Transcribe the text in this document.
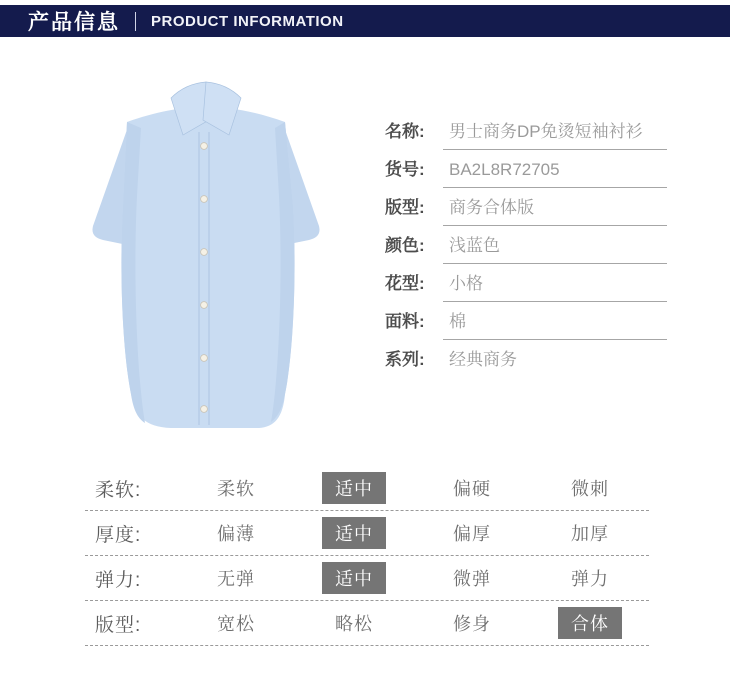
产品信息 PRODUCT INFORMATION
名称:	男士商务DP免烫短袖衬衫
货号:	BA2L8R72705
版型:	商务合体版
颜色:	浅蓝色
花型:	小格
面料:	棉
系列:	经典商务
柔软:	柔软	适中	偏硬	微刺
厚度:	偏薄	适中	偏厚	加厚
弹力:	无弹	适中	微弹	弹力
版型:	宽松	略松	修身	合体
